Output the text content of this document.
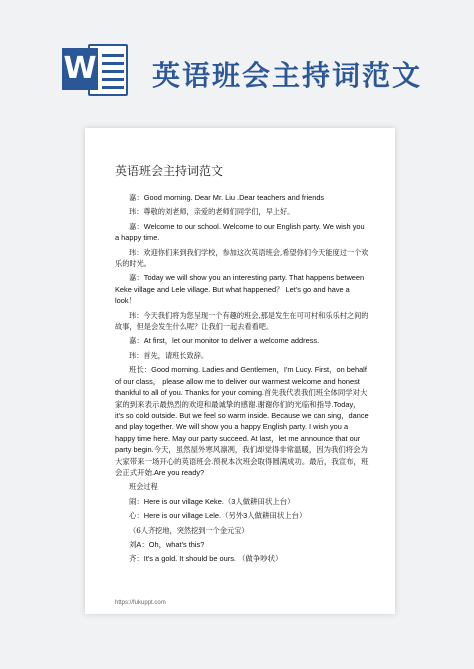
W 英语班会主持词范文
英语班会主持词范文

嘉：Good morning. Dear Mr. Liu .Dear teachers and friends

玮：尊敬的刘老师，亲爱的老师们同学们，早上好。

嘉：Welcome to our school. Welcome to our English party. We wish you a happy time.

玮：欢迎你们来到我们学校，参加这次英语班会,希望你们今天能度过一个欢乐的时光。

嘉：Today we will show you an interesting party. That happens between Keke village and Lele village. But what happened？ Let's go and have a look！

玮：今天我们将为您呈现一个有趣的班会,那是发生在可可村和乐乐村之间的故事，但是会发生什么呢？让我们一起去看看吧。

嘉：At first，let our monitor to deliver a welcome address.

玮：首先，请班长致辞。

班长：Good morning. Ladies and Gentlemen，I'm Lucy. First，on behalf of our class， please allow me to deliver our warmest welcome and honest thankful to all of you. Thanks for your coming.首先我代表我们班全体同学对大家的到来表示最热烈的欢迎和最诚挚的感谢.谢谢你们的光临和指导.Today，it's so cold outside. But we feel so warm inside. Because we can sing，dance and play together. We will show you a happy English party. I wish you a happy time here. May our party succeed. At last，let me announce that our party begin.今天，虽然屋外寒风凛冽，我们却觉得非常温暖，因为我们将会为大家带来一场开心的英语班会.预祝本次班会取得圆满成功。最后，我宣布，班会正式开始.Are you ready?

班会过程

闹：Here is our village Keke.（3人做耕田状上台）

心：Here is our village Lele.（另外3人做耕田状上台）

（6人齐挖地，突然挖到一个金元宝）

刘A：Oh，what's this?

齐：It's a gold. It should be ours. （做争吵状）

https://fukuppt.com
